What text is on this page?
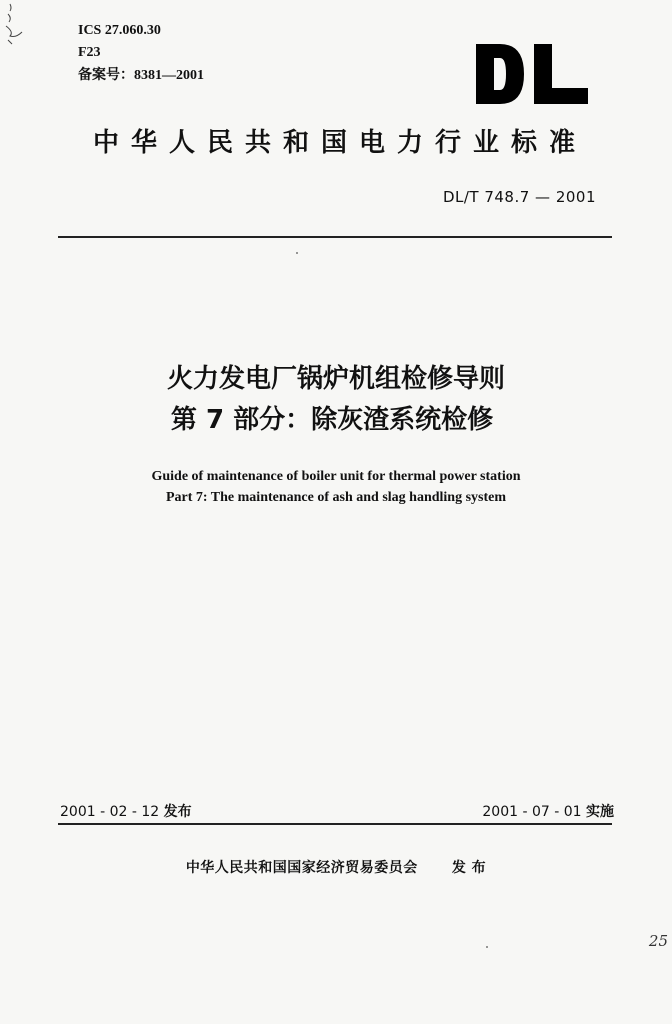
ICS 27.060.30
F23
备案号：8381—2001
中华人民共和国电力行业标准
DL/T 748.7 — 2001
火力发电厂锅炉机组检修导则
第 7 部分：除灰渣系统检修
Guide of maintenance of boiler unit for thermal power station
Part 7: The maintenance of ash and slag handling system
2001 - 02 - 12 发布	2001 - 07 - 01 实施
中华人民共和国国家经济贸易委员会 发 布
25
